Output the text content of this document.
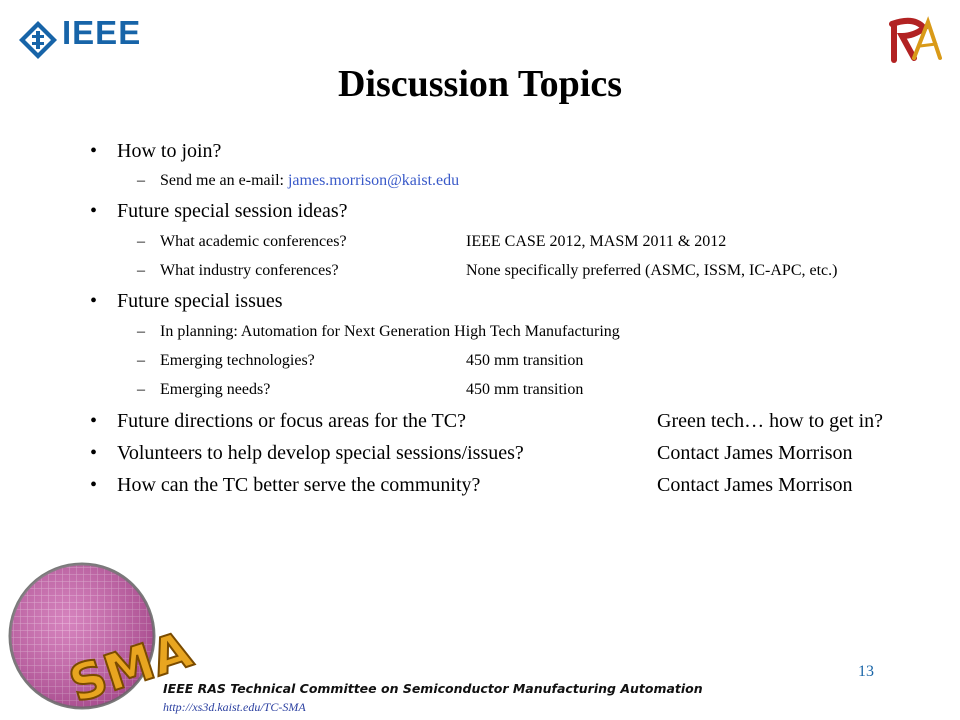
IEEE
Discussion Topics
• How to join?
– Send me an e-mail: james.morrison@kaist.edu
• Future special session ideas?
– What academic conferences?	IEEE CASE 2012, MASM 2011 & 2012
– What industry conferences?	None specifically preferred (ASMC, ISSM, IC-APC, etc.)
• Future special issues
– In planning: Automation for Next Generation High Tech Manufacturing
– Emerging technologies?	450 mm transition
– Emerging needs?	450 mm transition
• Future directions or focus areas for the TC?	Green tech… how to get in?
• Volunteers to help develop special sessions/issues?	Contact James Morrison
• How can the TC better serve the community?	Contact James Morrison
SMA
IEEE RAS Technical Committee on Semiconductor Manufacturing Automation
http://xs3d.kaist.edu/TC-SMA
13
